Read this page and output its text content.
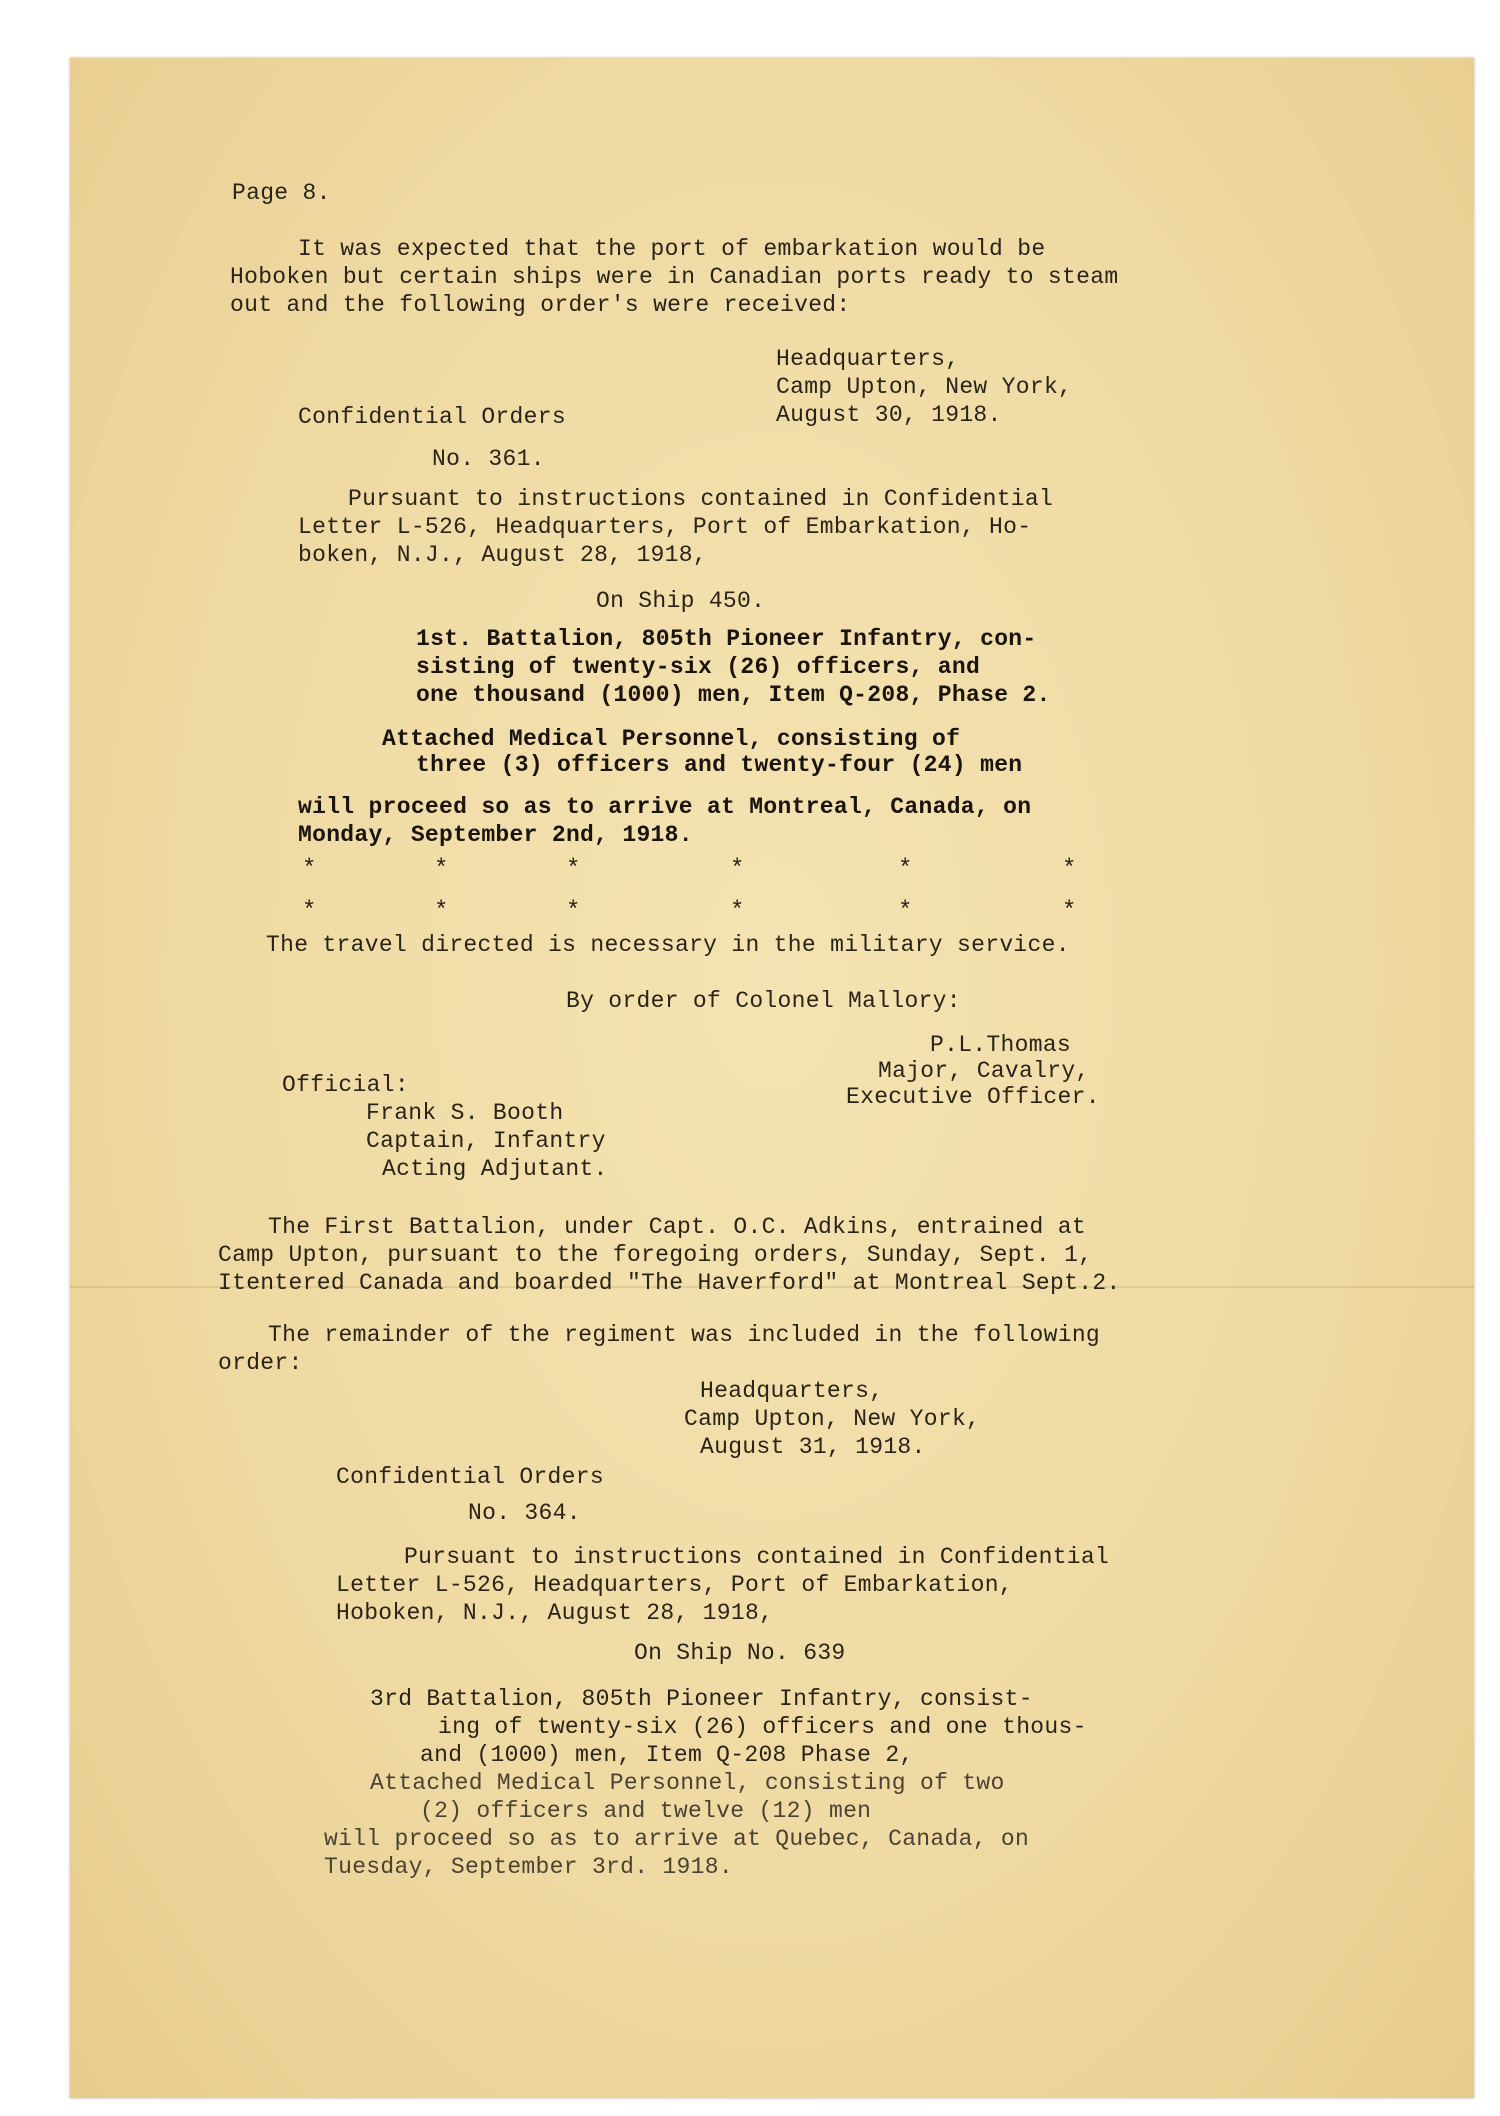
Page 8.
It was expected that the port of embarkation would be
Hoboken but certain ships were in Canadian ports ready to steam
out and the following order's were received:
Headquarters,
Camp Upton, New York,
August 30, 1918.
Confidential Orders
No. 361.
Pursuant to instructions contained in Confidential
Letter L-526, Headquarters, Port of Embarkation, Ho-
boken, N.J., August 28, 1918,
On Ship 450.
1st. Battalion, 805th Pioneer Infantry, con-
sisting of twenty-six (26) officers, and
one thousand (1000) men, Item Q-208, Phase 2.
Attached Medical Personnel, consisting of
three (3) officers and twenty-four (24) men
will proceed so as to arrive at Montreal, Canada, on
Monday, September 2nd, 1918.
*	*	*	*	*	*
*	*	*	*	*	*
The travel directed is necessary in the military service.
By order of Colonel Mallory:
P.L.Thomas
Major, Cavalry,
Executive Officer.
Official:
Frank S. Booth
Captain, Infantry
Acting Adjutant.
The First Battalion, under Capt. O.C. Adkins, entrained at
Camp Upton, pursuant to the foregoing orders, Sunday, Sept. 1,
Itentered Canada and boarded "The Haverford" at Montreal Sept.2.
The remainder of the regiment was included in the following
order:
Headquarters,
Camp Upton, New York,
August 31, 1918.
Confidential Orders
No. 364.
Pursuant to instructions contained in Confidential
Letter L-526, Headquarters, Port of Embarkation,
Hoboken, N.J., August 28, 1918,
On Ship No. 639
3rd Battalion, 805th Pioneer Infantry, consist-
ing of twenty-six (26) officers and one thous-
and (1000) men, Item Q-208 Phase 2,
Attached Medical Personnel, consisting of two
(2) officers and twelve (12) men
will proceed so as to arrive at Quebec, Canada, on
Tuesday, September 3rd. 1918.
